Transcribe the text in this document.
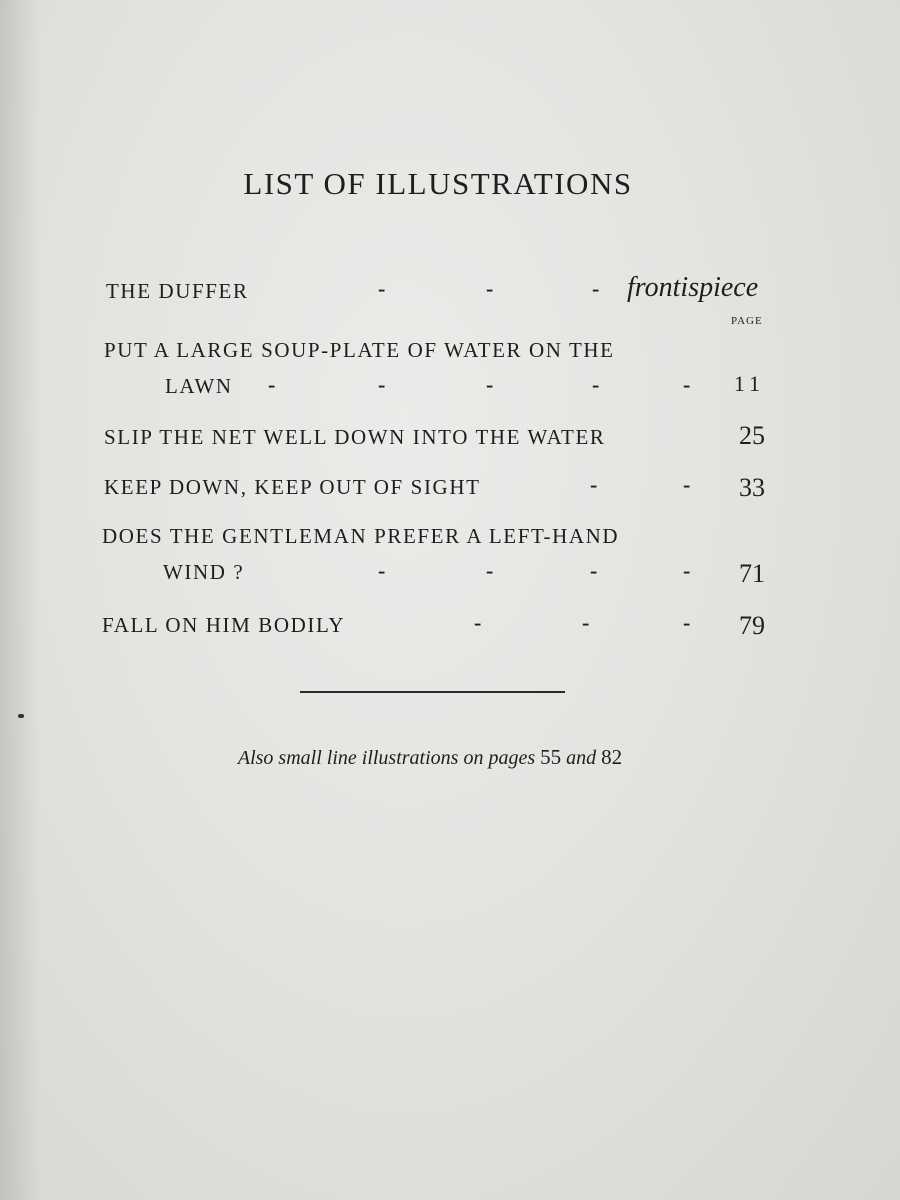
LIST OF ILLUSTRATIONS
THE DUFFER	-	-	- frontispiece
PAGE
PUT A LARGE SOUP-PLATE OF WATER ON THE
LAWN -	-	-	-	- 11
SLIP THE NET WELL DOWN INTO THE WATER	25
KEEP DOWN, KEEP OUT OF SIGHT	-	- 33
DOES THE GENTLEMAN PREFER A LEFT-HAND
WIND ?	-	-	-	- 71
FALL ON HIM BODILY	-	-	- 79
Also small line illustrations on pages 55 and 82
